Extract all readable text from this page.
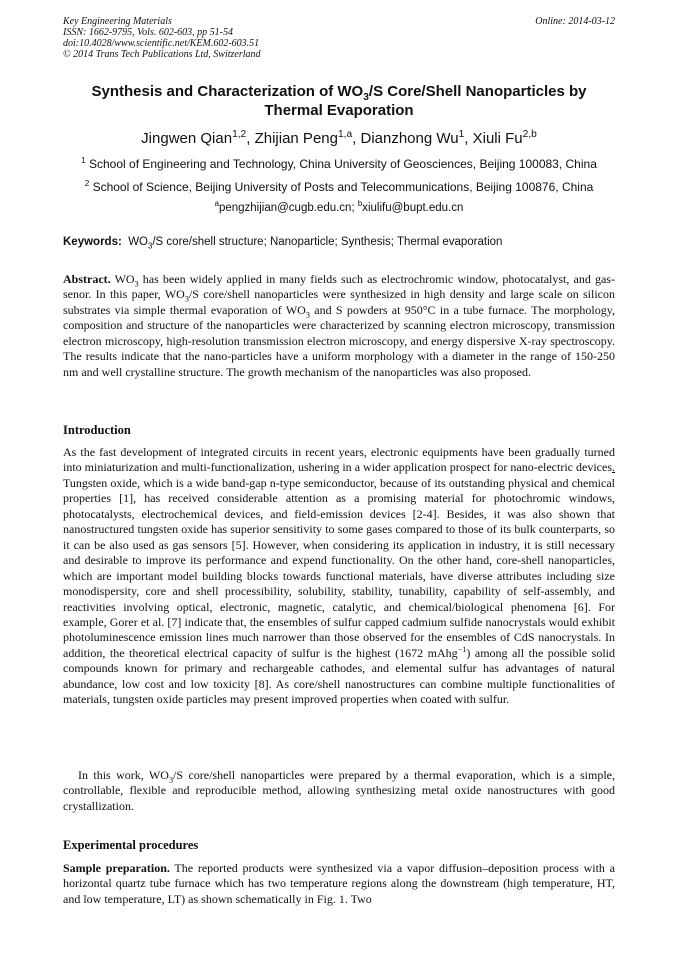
Key Engineering Materials
ISSN: 1662-9795, Vols. 602-603, pp 51-54
doi:10.4028/www.scientific.net/KEM.602-603.51
© 2014 Trans Tech Publications Ltd, Switzerland
Online: 2014-03-12
Synthesis and Characterization of $WO_3/S$ Core/Shell Nanoparticles by Thermal Evaporation
Jingwen Qian$^{1,2}$, Zhijian Peng$^{1,a}$, Dianzhong Wu$^1$, Xiuli Fu$^{2,b}$
$^1$ School of Engineering and Technology, China University of Geosciences, Beijing 100083, China
$^2$ School of Science, Beijing University of Posts and Telecommunications, Beijing 100876, China
$^a$pengzhijian@cugb.edu.cn; $^b$xiulifu@bupt.edu.cn
Keywords: $WO_3/S$ core/shell structure; Nanoparticle; Synthesis; Thermal evaporation
Abstract. $WO_3$ has been widely applied in many fields such as electrochromic window, photocatalyst, and gas-senor. In this paper, $WO_3/S$ core/shell nanoparticles were synthesized in high density and large scale on silicon substrates via simple thermal evaporation of $WO_3$ and S powders at 950°C in a tube furnace. The morphology, composition and structure of the nanoparticles were characterized by scanning electron microscopy, transmission electron microscopy, high-resolution transmission electron microscopy, and energy dispersive X-ray spectroscopy. The results indicate that the nano-particles have a uniform morphology with a diameter in the range of 150-250 nm and well crystalline structure. The growth mechanism of the nanoparticles was also proposed.
Introduction
As the fast development of integrated circuits in recent years, electronic equipments have been gradually turned into miniaturization and multi-functionalization, ushering in a wider application prospect for nano-electric devices. Tungsten oxide, which is a wide band-gap n-type semiconductor, because of its outstanding physical and chemical properties [1], has received considerable attention as a promising material for photochromic windows, photocatalysts, electrochemical devices, and field-emission devices [2-4]. Besides, it was also shown that nanostructured tungsten oxide has superior sensitivity to some gases compared to those of its bulk counterparts, so it can be also used as gas sensors [5]. However, when considering its application in industry, it is still necessary and desirable to improve its performance and expend functionality. On the other hand, core-shell nanoparticles, which are important model building blocks towards functional materials, have diverse attributes including size monodispersity, core and shell processibility, solubility, stability, tunability, capability of self-assembly, and reactivities involving optical, electronic, magnetic, catalytic, and chemical/biological phenomena [6]. For example, Gorer et al. [7] indicate that, the ensembles of sulfur capped cadmium sulfide nanocrystals would exhibit photoluminescence emission lines much narrower than those observed for the ensembles of CdS nanocrystals. In addition, the theoretical electrical capacity of sulfur is the highest (1672 mAhg$^{-1}$) among all the possible solid compounds known for primary and rechargeable cathodes, and elemental sulfur has advantages of natural abundance, low cost and low toxicity [8]. As core/shell nanostructures can combine multiple functionalities of materials, tungsten oxide particles may present improved properties when coated with sulfur.
In this work, $WO_3/S$ core/shell nanoparticles were prepared by a thermal evaporation, which is a simple, controllable, flexible and reproducible method, allowing synthesizing metal oxide nanostructures with good crystallization.
Experimental procedures
Sample preparation. The reported products were synthesized via a vapor diffusion–deposition process with a horizontal quartz tube furnace which has two temperature regions along the downstream (high temperature, HT, and low temperature, LT) as shown schematically in Fig. 1. Two
